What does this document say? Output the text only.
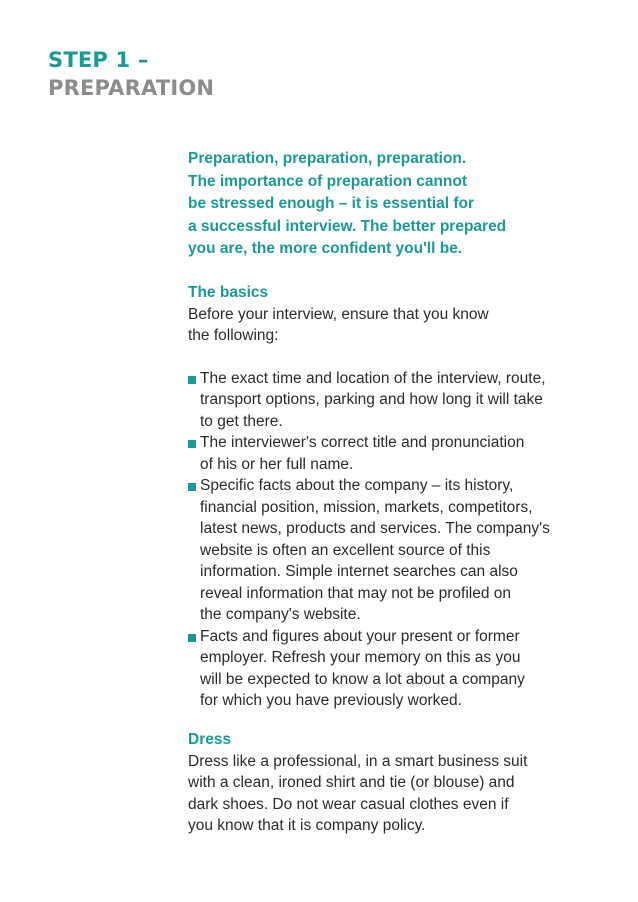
STEP 1 –
PREPARATION

Preparation, preparation, preparation.
The importance of preparation cannot
be stressed enough – it is essential for
a successful interview. The better prepared
you are, the more confident you'll be.

The basics

Before your interview, ensure that you know
the following:

The exact time and location of the interview, route,
transport options, parking and how long it will take
to get there.
The interviewer's correct title and pronunciation
of his or her full name.
Specific facts about the company – its history,
financial position, mission, markets, competitors,
latest news, products and services. The company's
website is often an excellent source of this
information. Simple internet searches can also
reveal information that may not be profiled on
the company's website.
Facts and figures about your present or former
employer. Refresh your memory on this as you
will be expected to know a lot about a company
for which you have previously worked.
Dress

Dress like a professional, in a smart business suit
with a clean, ironed shirt and tie (or blouse) and
dark shoes. Do not wear casual clothes even if
you know that it is company policy.
